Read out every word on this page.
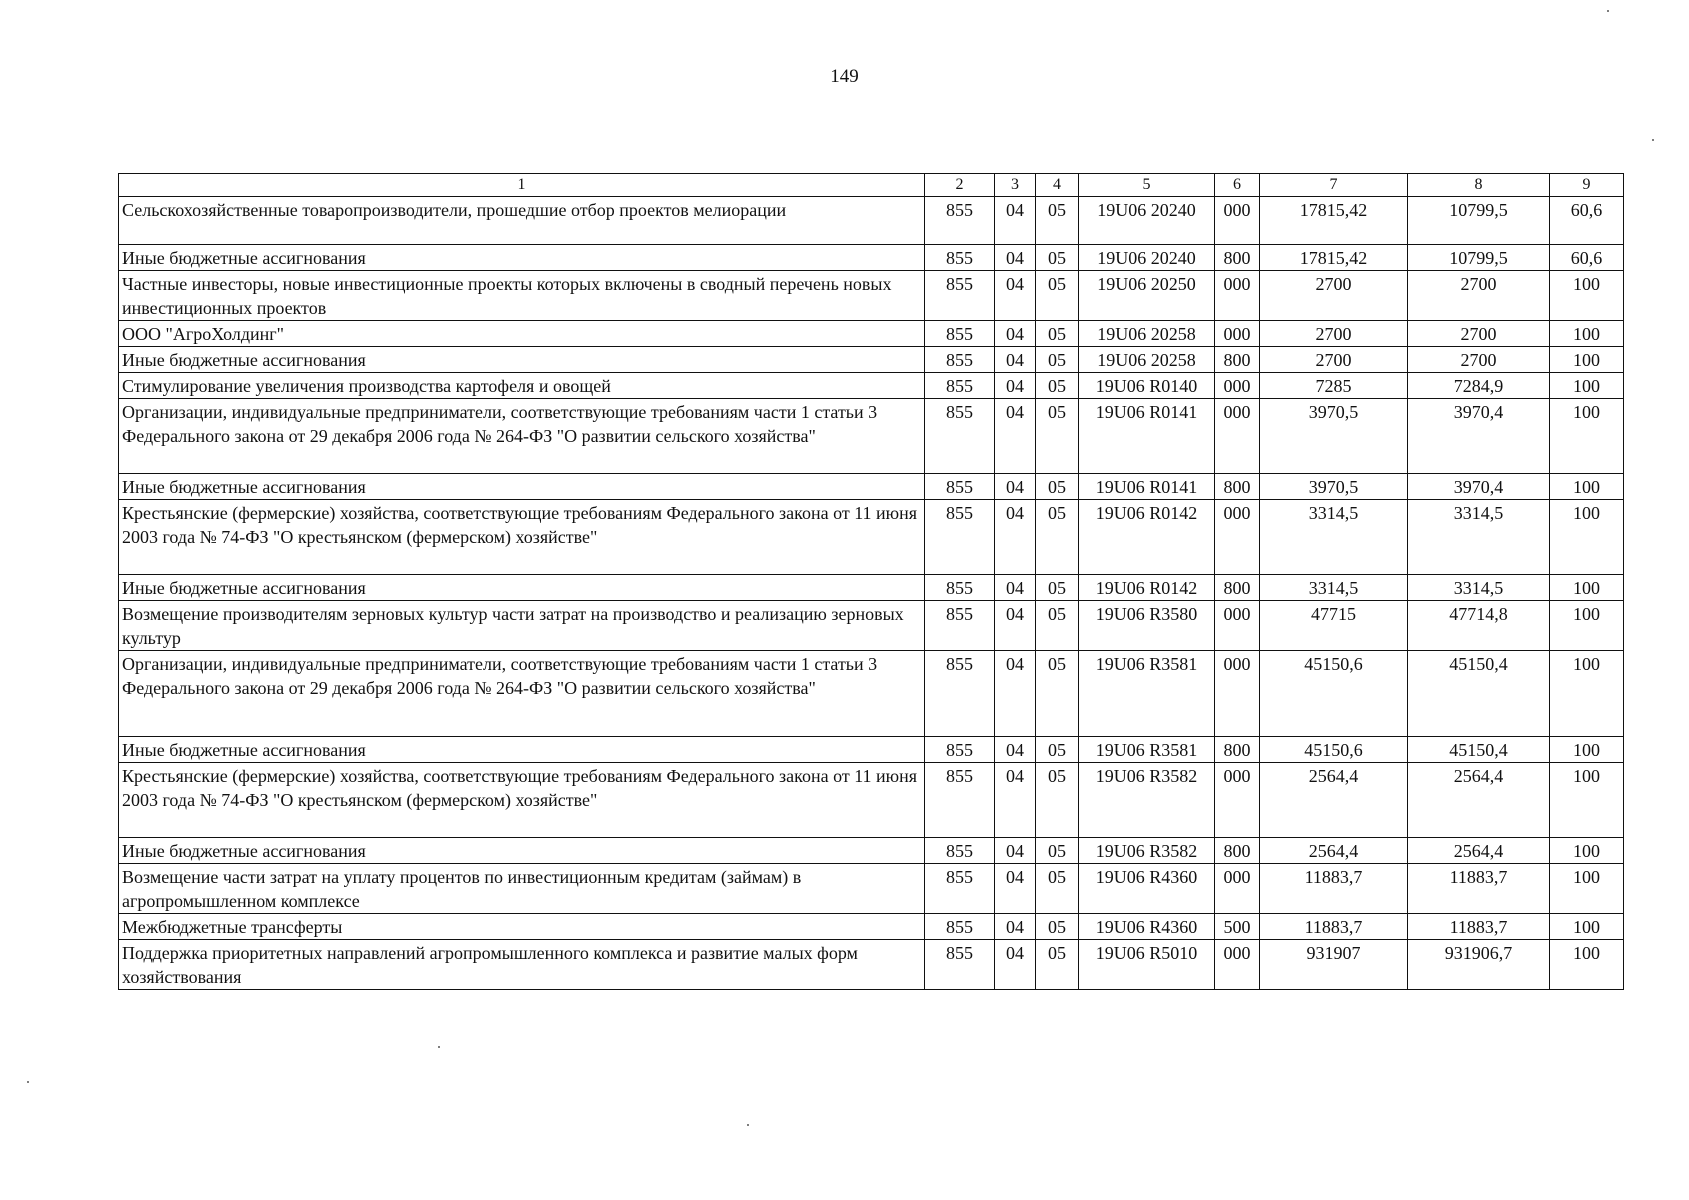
149
1	2	3	4	5	6	7	8	9
Сельскохозяйственные товаропроизводители, прошедшие отбор проектов мелиорации	855	04	05	19U06 20240	000	17815,42	10799,5	60,6
Иные бюджетные ассигнования	855	04	05	19U06 20240	800	17815,42	10799,5	60,6
Частные инвесторы, новые инвестиционные проекты которых включены в сводный перечень новых инвестиционных проектов	855	04	05	19U06 20250	000	2700	2700	100
ООО "АгроХолдинг"	855	04	05	19U06 20258	000	2700	2700	100
Иные бюджетные ассигнования	855	04	05	19U06 20258	800	2700	2700	100
Стимулирование увеличения производства картофеля и овощей	855	04	05	19U06 R0140	000	7285	7284,9	100
Организации, индивидуальные предприниматели, соответствующие требованиям части 1 статьи 3 Федерального закона от 29 декабря 2006 года № 264-ФЗ "О развитии сельского хозяйства"	855	04	05	19U06 R0141	000	3970,5	3970,4	100
Иные бюджетные ассигнования	855	04	05	19U06 R0141	800	3970,5	3970,4	100
Крестьянские (фермерские) хозяйства, соответствующие требованиям Федерального закона от 11 июня 2003 года № 74-ФЗ "О крестьянском (фермерском) хозяйстве"	855	04	05	19U06 R0142	000	3314,5	3314,5	100
Иные бюджетные ассигнования	855	04	05	19U06 R0142	800	3314,5	3314,5	100
Возмещение производителям зерновых культур части затрат на производство и реализацию зерновых культур	855	04	05	19U06 R3580	000	47715	47714,8	100
Организации, индивидуальные предприниматели, соответствующие требованиям части 1 статьи 3 Федерального закона от 29 декабря 2006 года № 264-ФЗ "О развитии сельского хозяйства"	855	04	05	19U06 R3581	000	45150,6	45150,4	100
Иные бюджетные ассигнования	855	04	05	19U06 R3581	800	45150,6	45150,4	100
Крестьянские (фермерские) хозяйства, соответствующие требованиям Федерального закона от 11 июня 2003 года № 74-ФЗ "О крестьянском (фермерском) хозяйстве"	855	04	05	19U06 R3582	000	2564,4	2564,4	100
Иные бюджетные ассигнования	855	04	05	19U06 R3582	800	2564,4	2564,4	100
Возмещение части затрат на уплату процентов по инвестиционным кредитам (займам) в агропромышленном комплексе	855	04	05	19U06 R4360	000	11883,7	11883,7	100
Межбюджетные трансферты	855	04	05	19U06 R4360	500	11883,7	11883,7	100
Поддержка приоритетных направлений агропромышленного комплекса и развитие малых форм хозяйствования	855	04	05	19U06 R5010	000	931907	931906,7	100
